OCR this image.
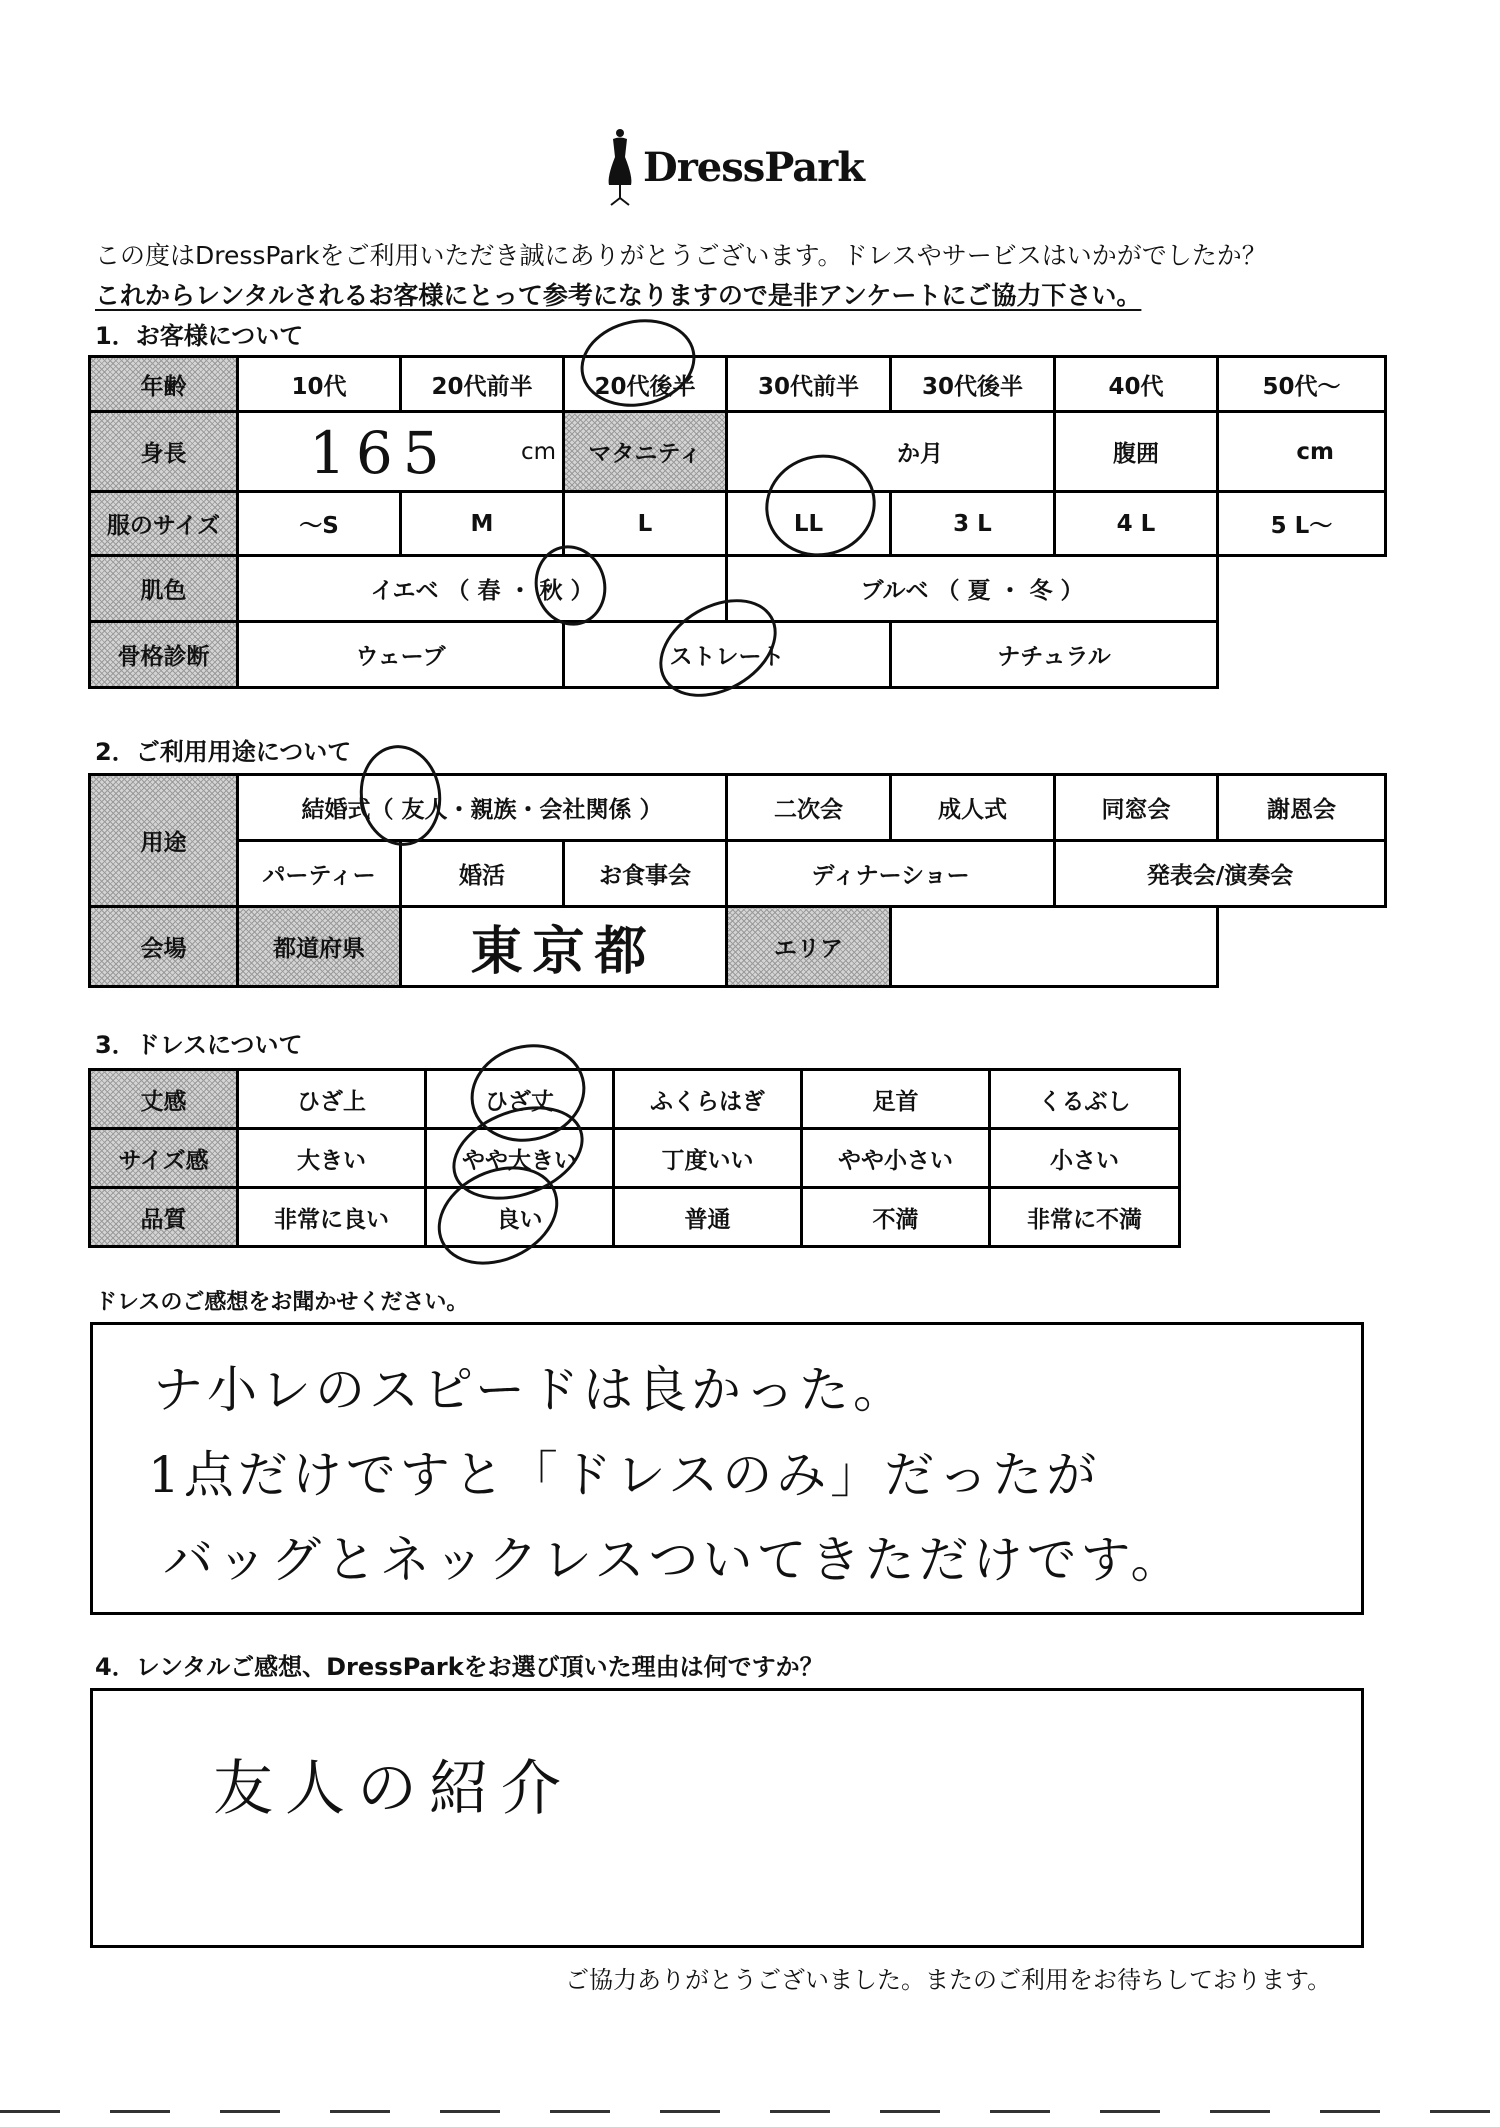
DressPark
この度はDressParkをご利用いただき誠にありがとうございます。ドレスやサービスはいかがでしたか？
これからレンタルされるお客様にとって参考になりますので是非アンケートにご協力下さい。
1．お客様について
年齢	10代	20代前半	20代後半	30代前半	30代後半	40代	50代～
身長	165 cm		マタニティ	か月		腹囲	cm
服のサイズ	～S	M	L	LL	3 L	4 L	5 L～
肌色	イエベ （ 春 ・ 秋 ）			ブルベ （ 夏 ・ 冬 ）			
骨格診断	ウェーブ		ストレート		ナチュラル		
2．ご利用用途について
用途	結婚式（ 友人・親族・会社関係 ）			二次会	成人式	同窓会	謝恩会
	パーティー	婚活	お食事会	ディナーショー		発表会/演奏会	
会場	都道府県	東京都		エリア			
3．ドレスについて
丈感	ひざ上	ひざ丈	ふくらはぎ	足首	くるぶし
サイズ感	大きい	やや大きい	丁度いい	やや小さい	小さい
品質	非常に良い	良い	普通	不満	非常に不満
ドレスのご感想をお聞かせください。
ナ小レのスピードは良かった。
1点だけですと「ドレスのみ」だったが
バッグとネックレスついてきただけです。
4．レンタルご感想、DressParkをお選び頂いた理由は何ですか？
友人の紹介
ご協力ありがとうございました。またのご利用をお待ちしております。
